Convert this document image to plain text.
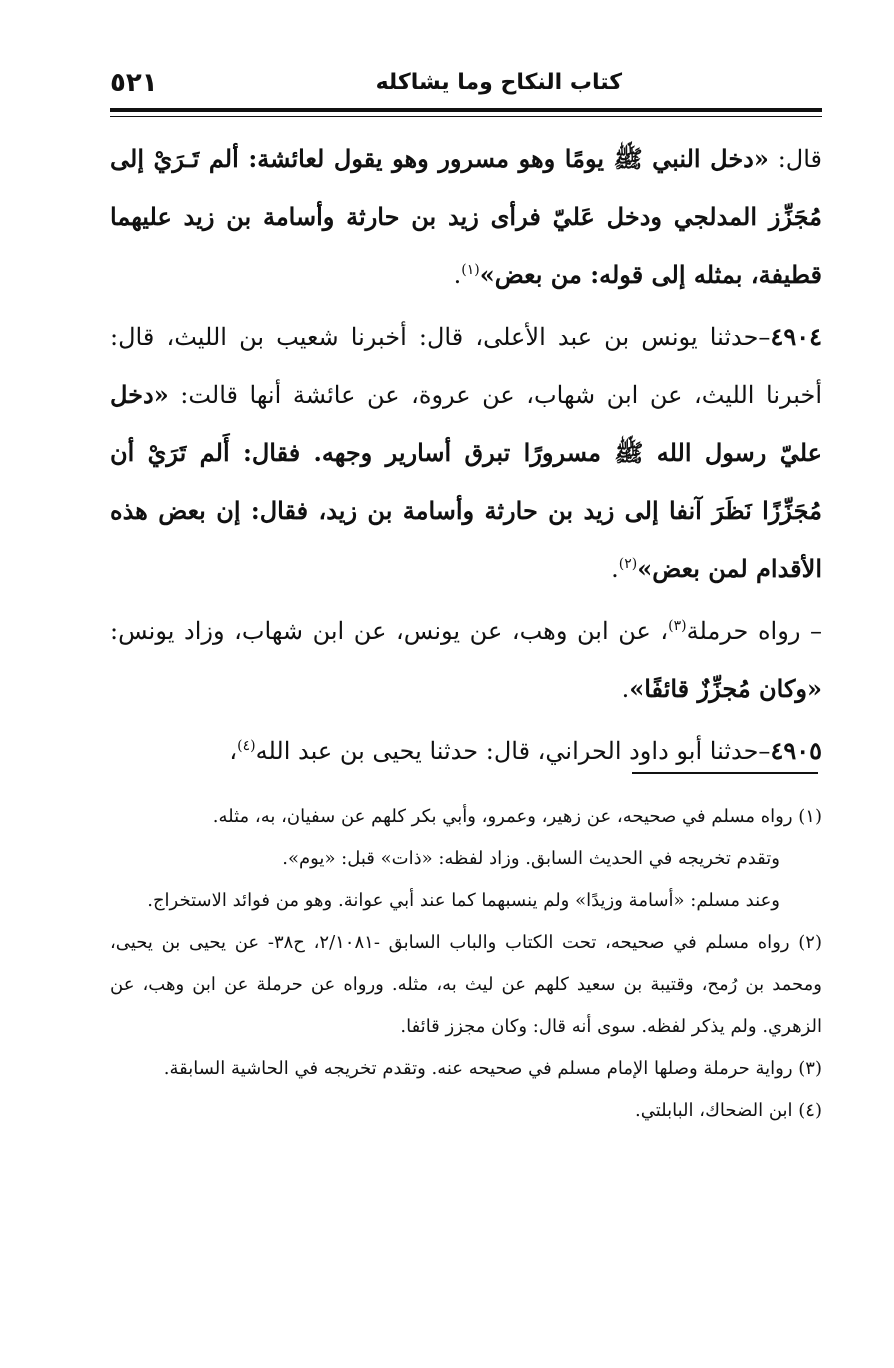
كتاب النكاح وما يشاكله
٥٢١

قال: «دخل النبي ﷺ يومًا وهو مسرور وهو يقول لعائشة: ألم تَـرَيْ إلى مُجَزِّز المدلجي ودخل عَليّ فرأى زيد بن حارثة وأسامة بن زيد عليهما قطيفة، بمثله إلى قوله: من بعض»$^{(١)}$.

٤٩٠٤–حدثنا يونس بن عبد الأعلى، قال: أخبرنا شعيب بن الليث، قال: أخبرنا الليث، عن ابن شهاب، عن عروة، عن عائشة أنها قالت: «دخل عليّ رسول الله ﷺ مسرورًا تبرق أسارير وجهه. فقال: أَلم تَرَيْ أن مُجَزِّزًا نَظَرَ آنفا إلى زيد بن حارثة وأسامة بن زيد، فقال: إن بعض هذه الأقدام لمن بعض»$^{(٢)}$.

– رواه حرملة$^{(٣)}$، عن ابن وهب، عن يونس، عن ابن شهاب، وزاد يونس: «وكان مُجزِّزٌ قائفًا».

٤٩٠٥–حدثنا أبو داود الحراني، قال: حدثنا يحيى بن عبد الله$^{(٤)}$،

(١) رواه مسلم في صحيحه، عن زهير، وعمرو، وأبي بكر كلهم عن سفيان، به، مثله.

وتقدم تخريجه في الحديث السابق. وزاد لفظه: «ذات» قبل: «يوم».

وعند مسلم: «أسامة وزيدًا» ولم ينسبهما كما عند أبي عوانة. وهو من فوائد الاستخراج.

(٢) رواه مسلم في صحيحه، تحت الكتاب والباب السابق -٢/١٠٨١، ح٣٨- عن يحيى بن يحيى، ومحمد بن رُمح، وقتيبة بن سعيد كلهم عن ليث به، مثله. ورواه عن حرملة عن ابن وهب، عن الزهري. ولم يذكر لفظه. سوى أنه قال: وكان مجزز قائفا.

(٣) رواية حرملة وصلها الإمام مسلم في صحيحه عنه. وتقدم تخريجه في الحاشية السابقة.

(٤) ابن الضحاك، البابلتي.
